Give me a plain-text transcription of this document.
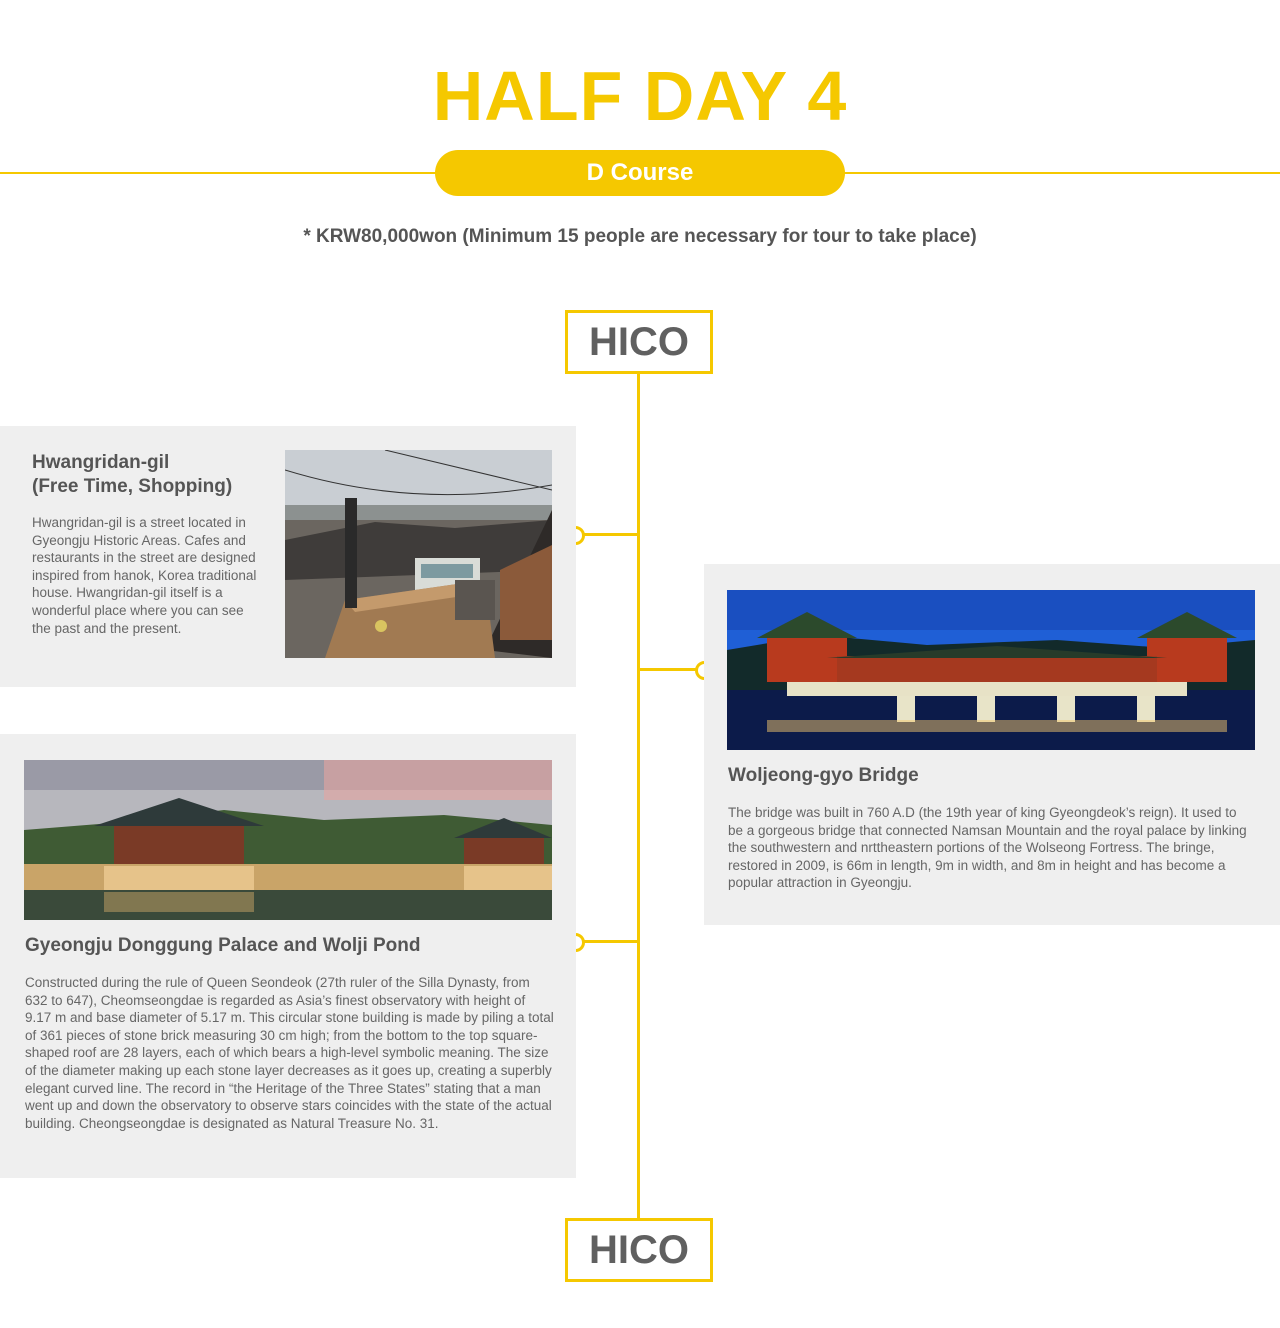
HALF DAY 4
D Course
* KRW80,000won (Minimum 15 people are necessary for tour to take place)
HICO
HICO
Hwangridan-gil
(Free Time, Shopping)

Hwangridan-gil is a street located in Gyeongju Historic Areas. Cafes and restaurants in the street are designed inspired from hanok, Korea traditional house. Hwangridan-gil itself is a wonderful place where you can see the past and the present.

Woljeong-gyo Bridge

The bridge was built in 760 A.D (the 19th year of king Gyeongdeok’s reign). It used to be a gorgeous bridge that connected Namsan Mountain and the royal palace by linking the southwestern and nrttheastern portions of the Wolseong Fortress. The bringe, restored in 2009, is 66m in length, 9m in width, and 8m in height and has become a popular attraction in Gyeongju.

Gyeongju Donggung Palace and Wolji Pond

Constructed during the rule of Queen Seondeok (27th ruler of the Silla Dynasty, from 632 to 647), Cheomseongdae is regarded as Asia’s finest observatory with height of 9.17 m and base diameter of 5.17 m. This circular stone building is made by piling a total of 361 pieces of stone brick measuring 30 cm high; from the bottom to the top square-shaped roof are 28 layers, each of which bears a high-level symbolic meaning. The size of the diameter making up each stone layer decreases as it goes up, creating a superbly elegant curved line. The record in “the Heritage of the Three States” stating that a man went up and down the observatory to observe stars coincides with the state of the actual building. Cheongseongdae is designated as Natural Treasure No. 31.
